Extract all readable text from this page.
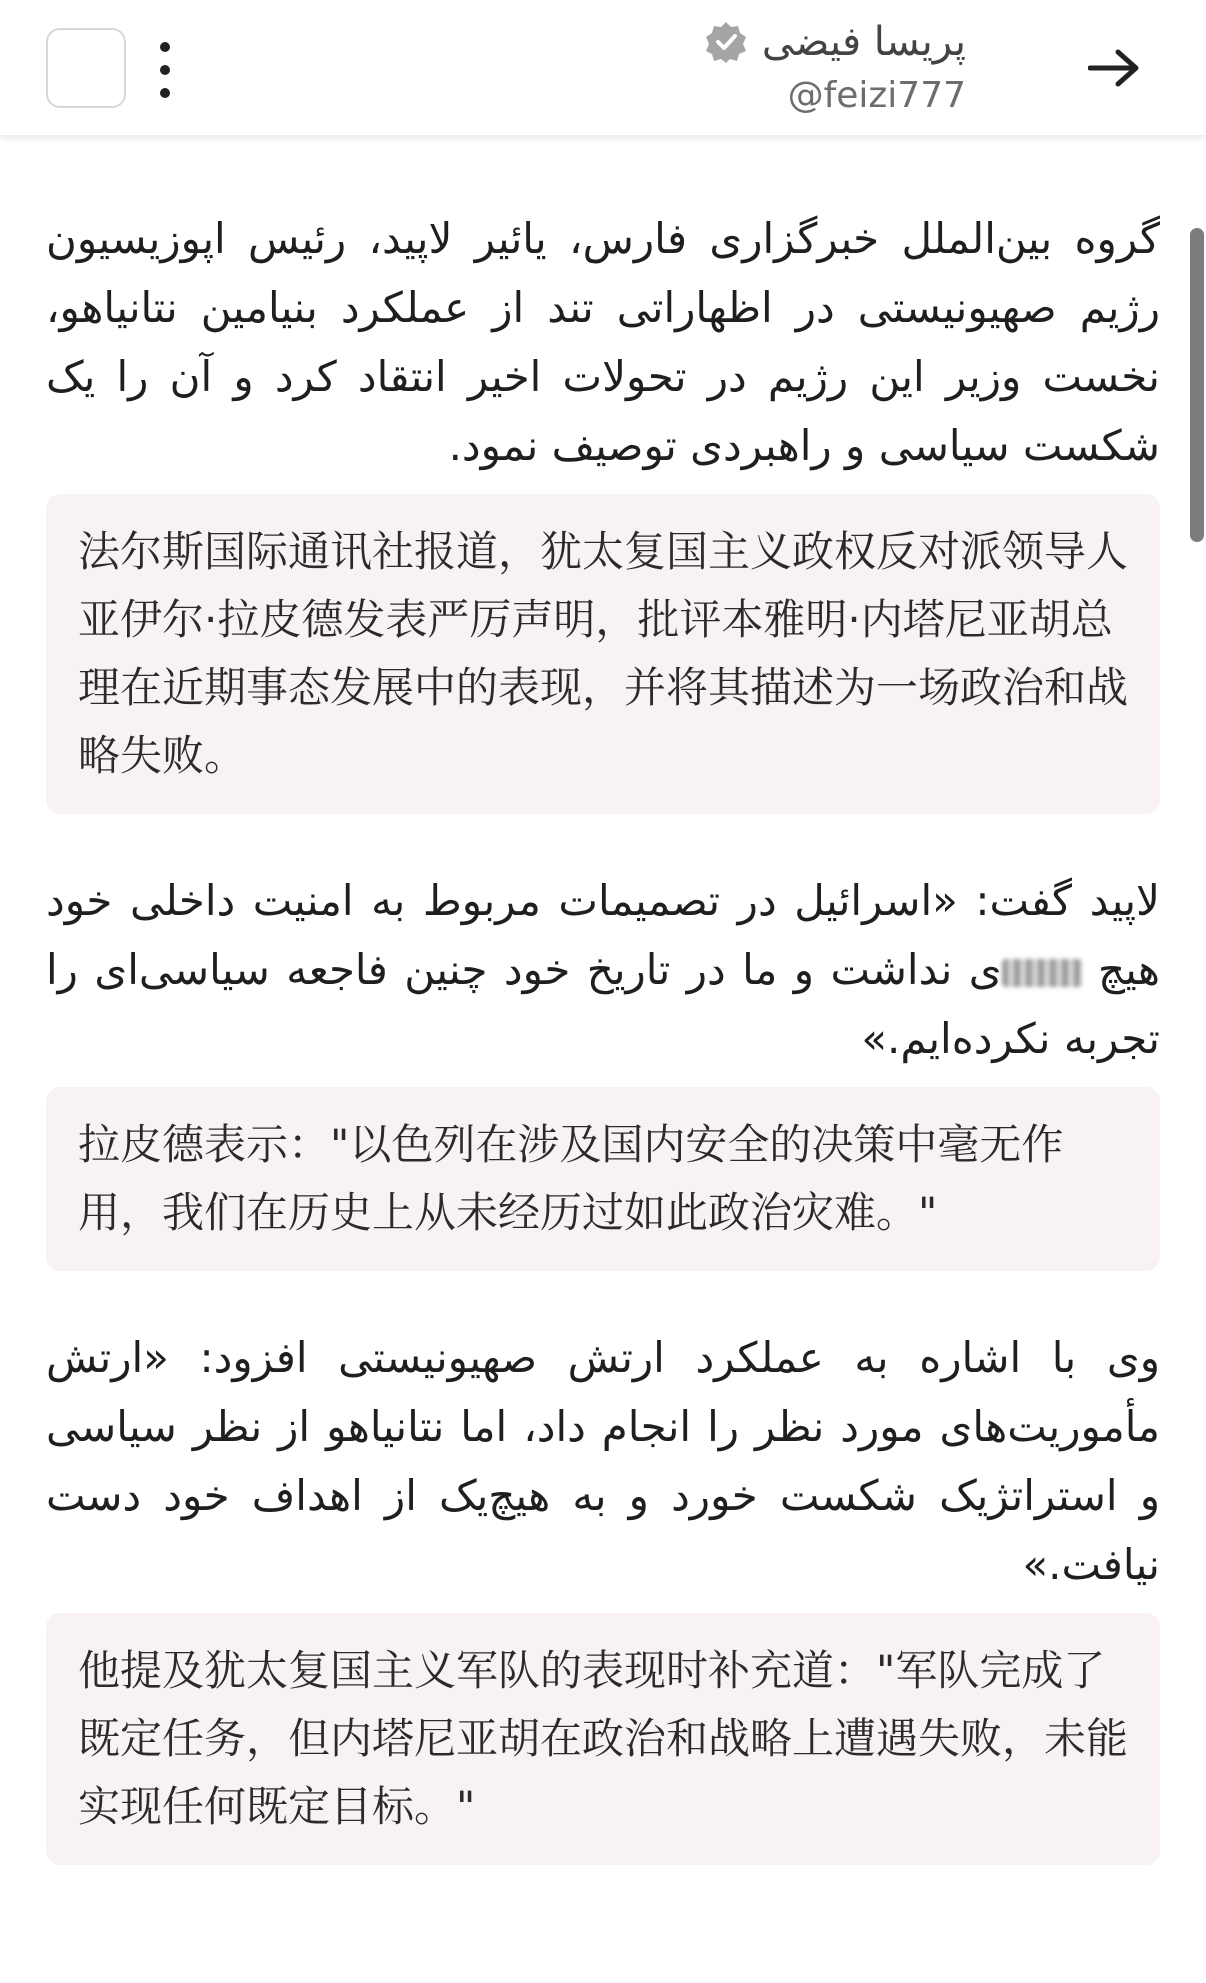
پریسا فیضی
@feizi777

گروه بین‌الملل خبرگزاری فارس، یائیر لاپید، رئیس اپوزیسیون رژیم صهیونیستی در اظهاراتی تند از عملکرد بنیامین نتانیاهو، نخست وزیر این رژیم در تحولات اخیر انتقاد کرد و آن را یک شکست سیاسی و راهبردی توصیف نمود.

法尔斯国际通讯社报道，犹太复国主义政权反对派领导人亚伊尔·拉皮德发表严厉声明，批评本雅明·内塔尼亚胡总理在近期事态发展中的表现，并将其描述为一场政治和战略失败。

لاپید گفت: «اسرائیل در تصمیمات مربوط به امنیت داخلی خود هیچ ی نداشت و ما در تاریخ خود چنین فاجعه سیاسی‌ای را تجربه نکرده‌ایم.»

拉皮德表示："以色列在涉及国内安全的决策中毫无作用，我们在历史上从未经历过如此政治灾难。"

وی با اشاره به عملکرد ارتش صهیونیستی افزود: «ارتش مأموریت‌های مورد نظر را انجام داد، اما نتانیاهو از نظر سیاسی و استراتژیک شکست خورد و به هیچ‌یک از اهداف خود دست نیافت.»

他提及犹太复国主义军队的表现时补充道："军队完成了既定任务，但内塔尼亚胡在政治和战略上遭遇失败，未能实现任何既定目标。"
